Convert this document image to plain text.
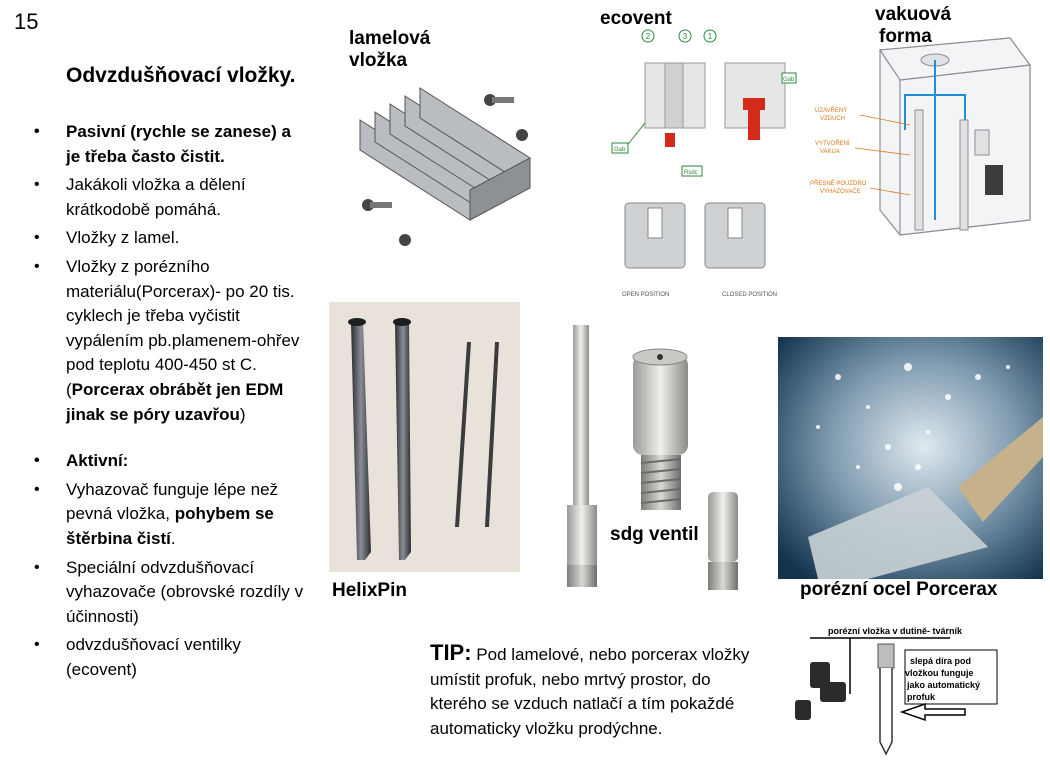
15
Odvzdušňovací vložky.
• Pasivní (rychle se zanese) a je třeba často čistit.
• Jakákoli vložka a dělení krátkodobě pomáhá.
• Vložky z lamel.
• Vložky z porézního materiálu(Porcerax)- po 20 tis. cyklech je třeba vyčistit vypálením pb.plamenem-ohřev pod teplotu 400-450 st C. (Porcerax obrábět jen EDM jinak se póry uzavřou)
• Aktivní:
• Vyhazovač funguje lépe než pevná vložka, pohybem se štěrbina čistí.
• Speciální odvzdušňovací vyhazovače (obrovské rozdíly v účinnosti)
• odvzdušňovací ventilky (ecovent)
lamelová
vložka
ecovent
2	3	1
Gab
Rsdc
Gab
OPEN POSITION	CLOSED POSITION
vakuová
forma
UZAVŘENÝ
VZDUCH
VYTVOŘENÍ
VAKUA
PŘESNÉ POUZDRO
VYHAZOVAČE
HelixPin
sdg ventil
porézní ocel Porcerax
porézní vložka v dutině- tvárník
slepá díra pod
vložkou funguje
jako automatický
profuk
TIP: Pod lamelové, nebo porcerax vložky umístit profuk, nebo mrtvý prostor, do kterého se vzduch natlačí a tím pokaždé automaticky vložku prodýchne.
